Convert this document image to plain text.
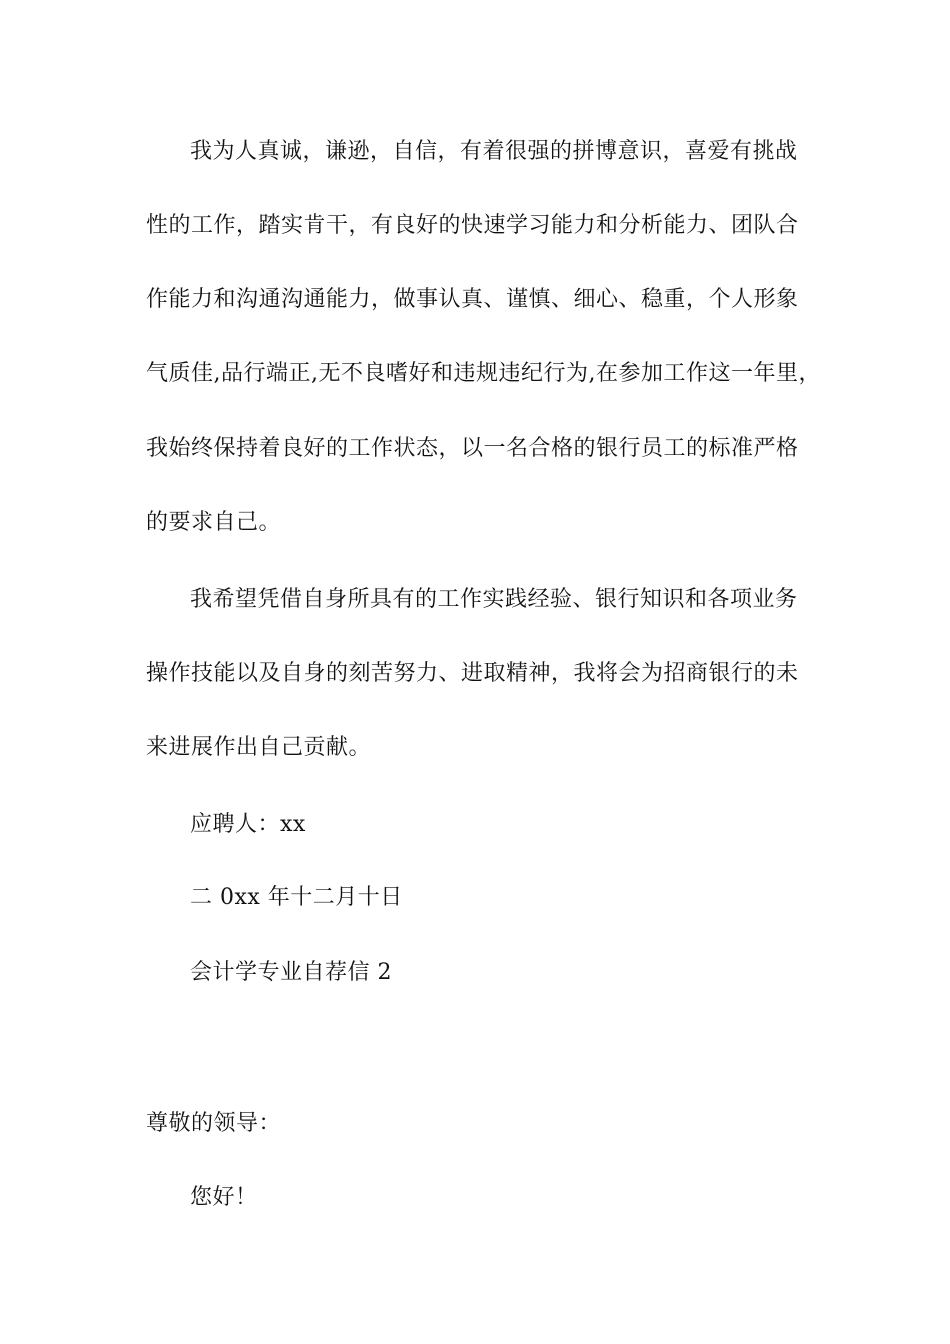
我为人真诚，谦逊，自信，有着很强的拼博意识，喜爱有挑战
性的工作，踏实肯干，有良好的快速学习能力和分析能力、团队合
作能力和沟通沟通能力，做事认真、谨慎、细心、稳重，个人形象
气质佳,品行端正,无不良嗜好和违规违纪行为,在参加工作这一年里，
我始终保持着良好的工作状态，以一名合格的银行员工的标准严格
的要求自己。
我希望凭借自身所具有的工作实践经验、银行知识和各项业务
操作技能以及自身的刻苦努力、进取精神，我将会为招商银行的未
来进展作出自己贡献。
应聘人：xx
二 0xx 年十二月十日
会计学专业自荐信 2
尊敬的领导：
您好！
